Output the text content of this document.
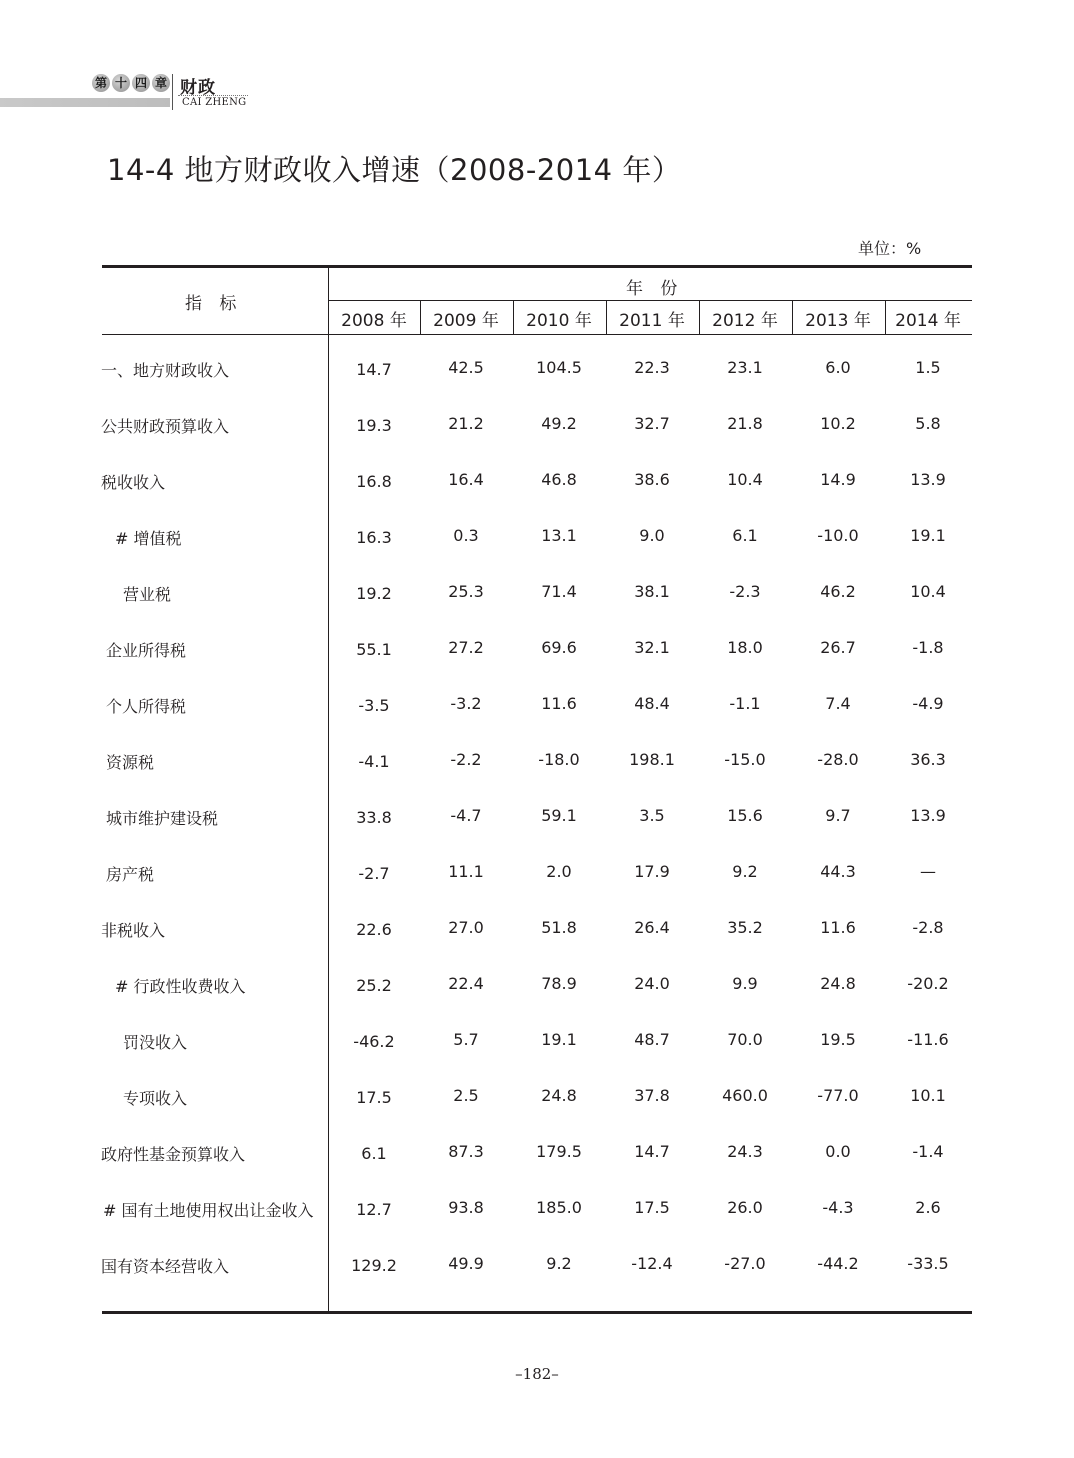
第 十 四 章 财政
CAI ZHENG
14-4 地方财政收入增速（2008-2014 年）
单位：%
指 标
年 份
2008 年	2009 年	2010 年	2011 年	2012 年	2013 年	2014 年
一、地方财政收入	14.7	42.5	104.5	22.3	23.1	6.0	1.5
公共财政预算收入	19.3	21.2	49.2	32.7	21.8	10.2	5.8
税收收入	16.8	16.4	46.8	38.6	10.4	14.9	13.9
# 增值税	16.3	0.3	13.1	9.0	6.1	-10.0	19.1
营业税	19.2	25.3	71.4	38.1	-2.3	46.2	10.4
企业所得税	55.1	27.2	69.6	32.1	18.0	26.7	-1.8
个人所得税	-3.5	-3.2	11.6	48.4	-1.1	7.4	-4.9
资源税	-4.1	-2.2	-18.0	198.1	-15.0	-28.0	36.3
城市维护建设税	33.8	-4.7	59.1	3.5	15.6	9.7	13.9
房产税	-2.7	11.1	2.0	17.9	9.2	44.3	—
非税收入	22.6	27.0	51.8	26.4	35.2	11.6	-2.8
# 行政性收费收入	25.2	22.4	78.9	24.0	9.9	24.8	-20.2
罚没收入	-46.2	5.7	19.1	48.7	70.0	19.5	-11.6
专项收入	17.5	2.5	24.8	37.8	460.0	-77.0	10.1
政府性基金预算收入	6.1	87.3	179.5	14.7	24.3	0.0	-1.4
# 国有土地使用权出让金收入	12.7	93.8	185.0	17.5	26.0	-4.3	2.6
国有资本经营收入	129.2	49.9	9.2	-12.4	-27.0	-44.2	-33.5
–182–
